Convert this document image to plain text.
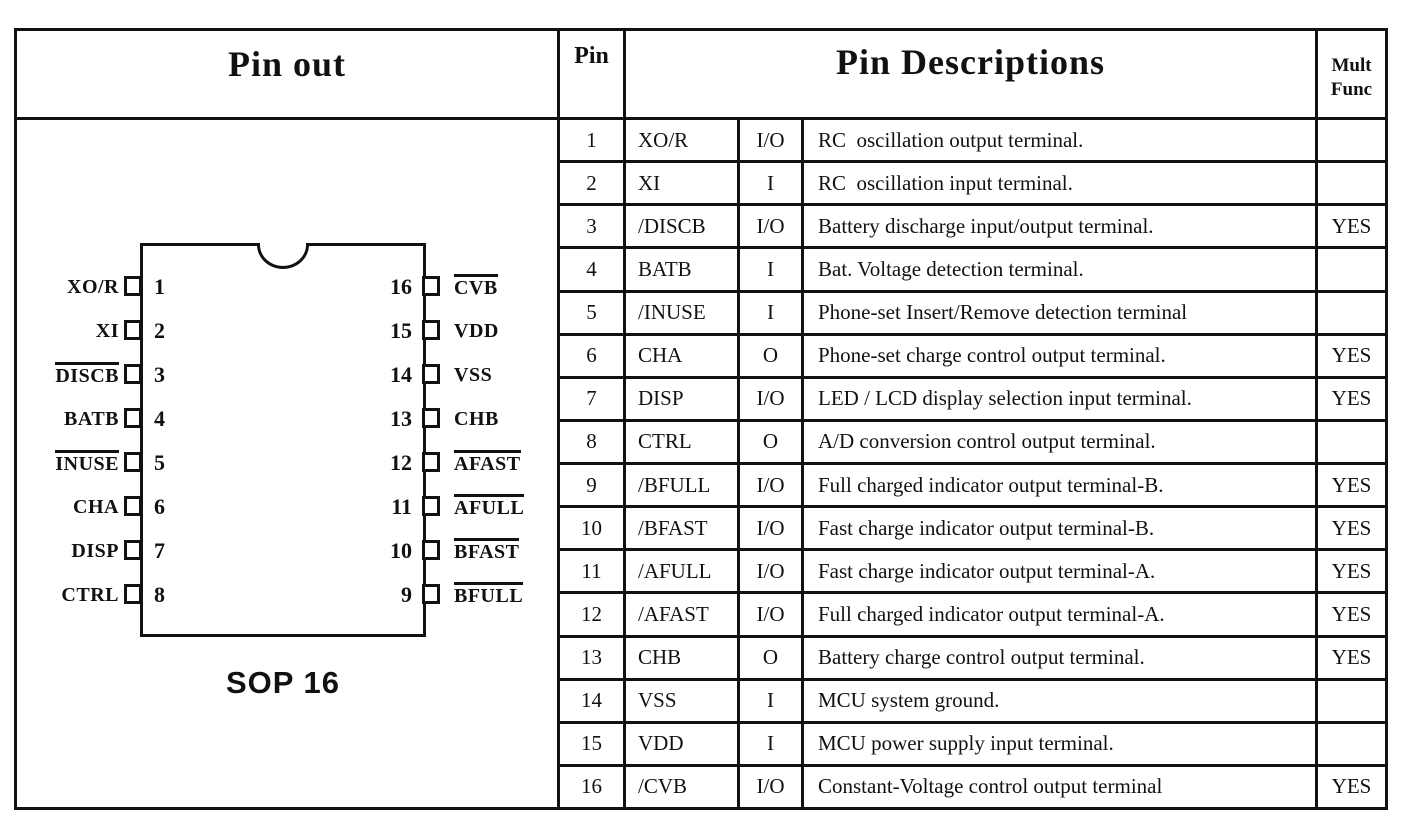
Pin out
XO/R 1
XI 2
DISCB 3
BATB 4
INUSE 5
CHA 6
DISP 7
CTRL 8
16 CVB
15 VDD
14 VSS
13 CHB
12 AFAST
11 AFULL
10 BFAST
9 BFULL
SOP 16
Pin	Pin Descriptions	Mult
Func
1	XO/R	I/O	RC  oscillation output terminal.
2	XI	I	RC  oscillation input terminal.
3	/DISCB	I/O	Battery discharge input/output terminal.	YES
4	BATB	I	Bat. Voltage detection terminal.
5	/INUSE	I	Phone-set Insert/Remove detection terminal
6	CHA	O	Phone-set charge control output terminal.	YES
7	DISP	I/O	LED / LCD display selection input terminal.	YES
8	CTRL	O	A/D conversion control output terminal.
9	/BFULL	I/O	Full charged indicator output terminal-B.	YES
10	/BFAST	I/O	Fast charge indicator output terminal-B.	YES
11	/AFULL	I/O	Fast charge indicator output terminal-A.	YES
12	/AFAST	I/O	Full charged indicator output terminal-A.	YES
13	CHB	O	Battery charge control output terminal.	YES
14	VSS	I	MCU system ground.
15	VDD	I	MCU power supply input terminal.
16	/CVB	I/O	Constant-Voltage control output terminal	YES
